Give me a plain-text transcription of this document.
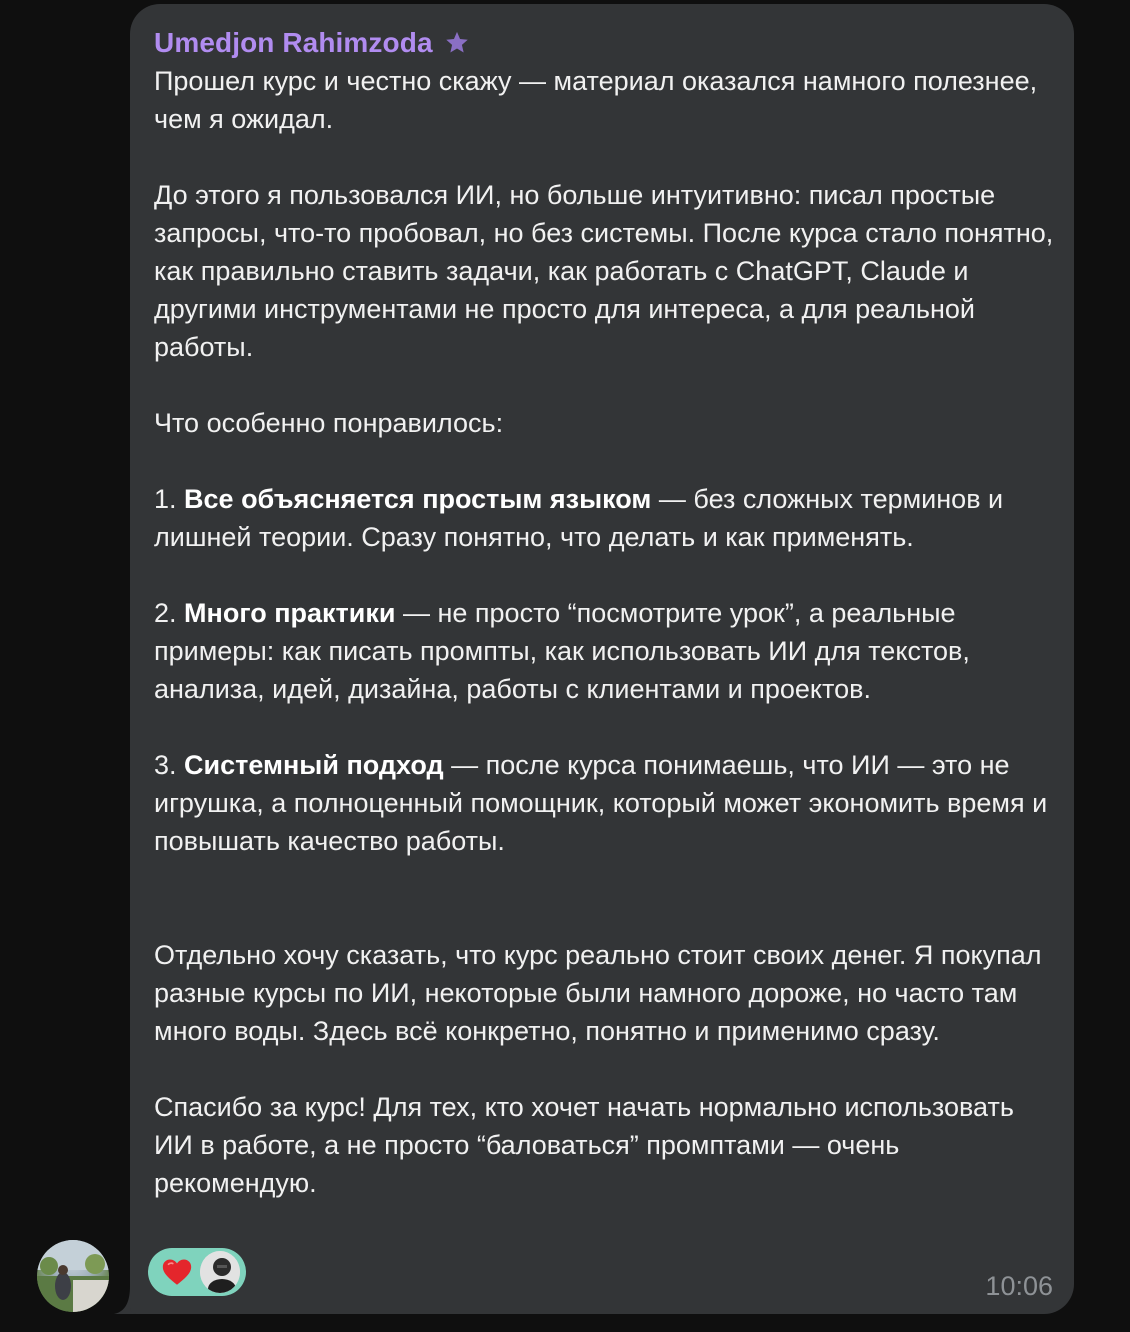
Umedjon Rahimzoda

Прошел курс и честно скажу — материал оказался намного полезнее, чем я ожидал.

До этого я пользовался ИИ, но больше интуитивно: писал простые запросы, что-то пробовал, но без системы. После курса стало понятно, как правильно ставить задачи, как работать с ChatGPT, Claude и другими инструментами не просто для интереса, а для реальной работы.

Что особенно понравилось:

1. Все объясняется простым языком — без сложных терминов и лишней теории. Сразу понятно, что делать и как применять.

2. Много практики — не просто “посмотрите урок”, а реальные примеры: как писать промпты, как использовать ИИ для текстов, анализа, идей, дизайна, работы с клиентами и проектов.

3. Системный подход — после курса понимаешь, что ИИ — это не игрушка, а полноценный помощник, который может экономить время и повышать качество работы.

Отдельно хочу сказать, что курс реально стоит своих денег. Я покупал разные курсы по ИИ, некоторые были намного дороже, но часто там много воды. Здесь всё конкретно, понятно и применимо сразу.

Спасибо за курс! Для тех, кто хочет начать нормально использовать ИИ в работе, а не просто “баловаться” промптами — очень рекомендую.

10:06
